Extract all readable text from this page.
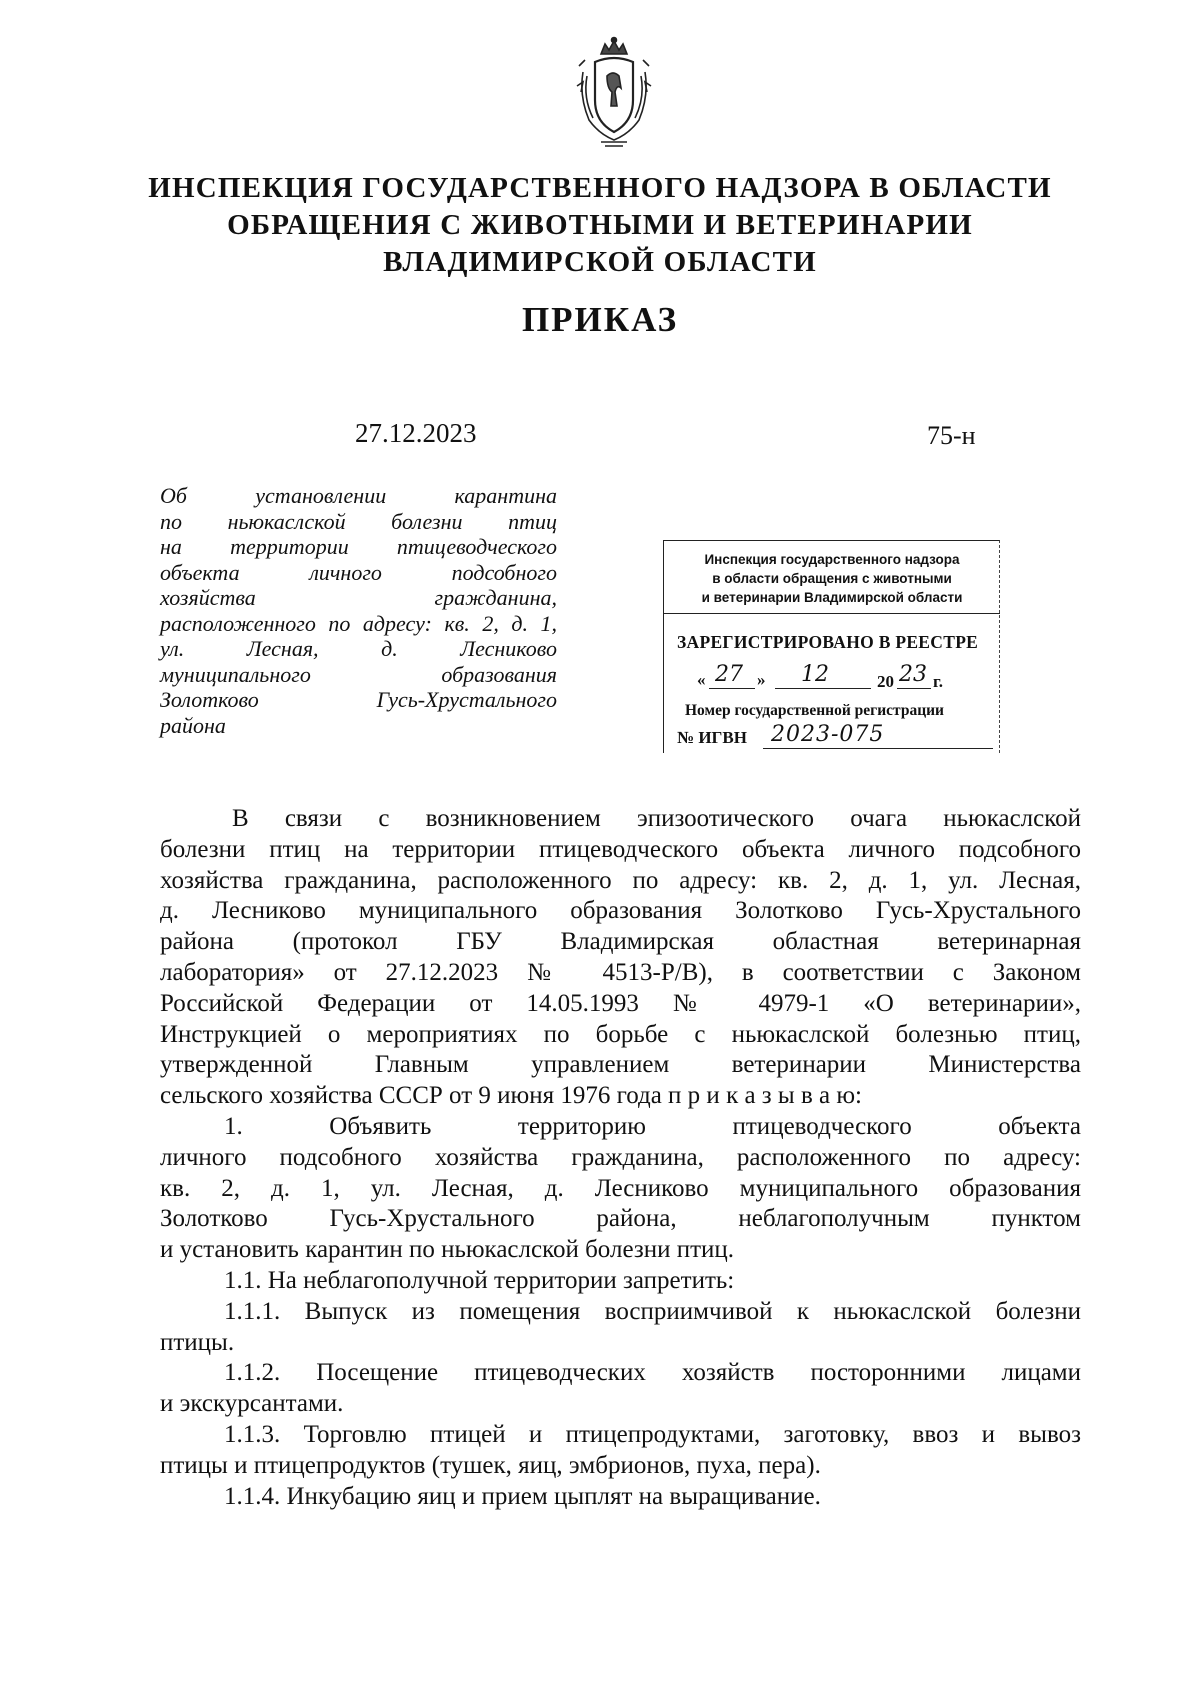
ИНСПЕКЦИЯ ГОСУДАРСТВЕННОГО НАДЗОРА В ОБЛАСТИ
ОБРАЩЕНИЯ С ЖИВОТНЫМИ И ВЕТЕРИНАРИИ
ВЛАДИМИРСКОЙ ОБЛАСТИ
ПРИКАЗ
27.12.2023	75-н
Об установлении карантина
по ньюкаслской болезни птиц
на территории птицеводческого
объекта личного подсобного
хозяйства гражданина,
расположенного по адресу: кв. 2, д. 1,
ул. Лесная, д. Лесниково
муниципального образования
Золотково Гусь-Хрустального
района
Инспекция государственного надзора
в области обращения с животными
и ветеринарии Владимирской области
ЗАРЕГИСТРИРОВАНО В РЕЕСТРЕ
« 27 » 12	20 23 г.
Номер государственной регистрации
№ ИГВН 2023-075
В связи с возникновением эпизоотического очага ньюкаслской
болезни птиц на территории птицеводческого объекта личного подсобного
хозяйства гражданина, расположенного по адресу: кв. 2, д. 1, ул. Лесная,
д. Лесниково муниципального образования Золотково Гусь-Хрустального
района (протокол ГБУ Владимирская областная ветеринарная
лаборатория» от 27.12.2023 № 4513-Р/В), в соответствии с Законом
Российской Федерации от 14.05.1993 № 4979-1 «О ветеринарии»,
Инструкцией о мероприятиях по борьбе с ньюкаслской болезнью птиц,
утвержденной Главным управлением ветеринарии Министерства
сельского хозяйства СССР от 9 июня 1976 года п р и к а з ы в а ю:
1. Объявить территорию птицеводческого объекта
личного подсобного хозяйства гражданина, расположенного по адресу:
кв. 2, д. 1, ул. Лесная, д. Лесниково муниципального образования
Золотково Гусь-Хрустального района, неблагополучным пунктом
и установить карантин по ньюкаслской болезни птиц.
1.1. На неблагополучной территории запретить:
1.1.1. Выпуск из помещения восприимчивой к ньюкаслской болезни
птицы.
1.1.2. Посещение птицеводческих хозяйств посторонними лицами
и экскурсантами.
1.1.3. Торговлю птицей и птицепродуктами, заготовку, ввоз и вывоз
птицы и птицепродуктов (тушек, яиц, эмбрионов, пуха, пера).
1.1.4. Инкубацию яиц и прием цыплят на выращивание.
